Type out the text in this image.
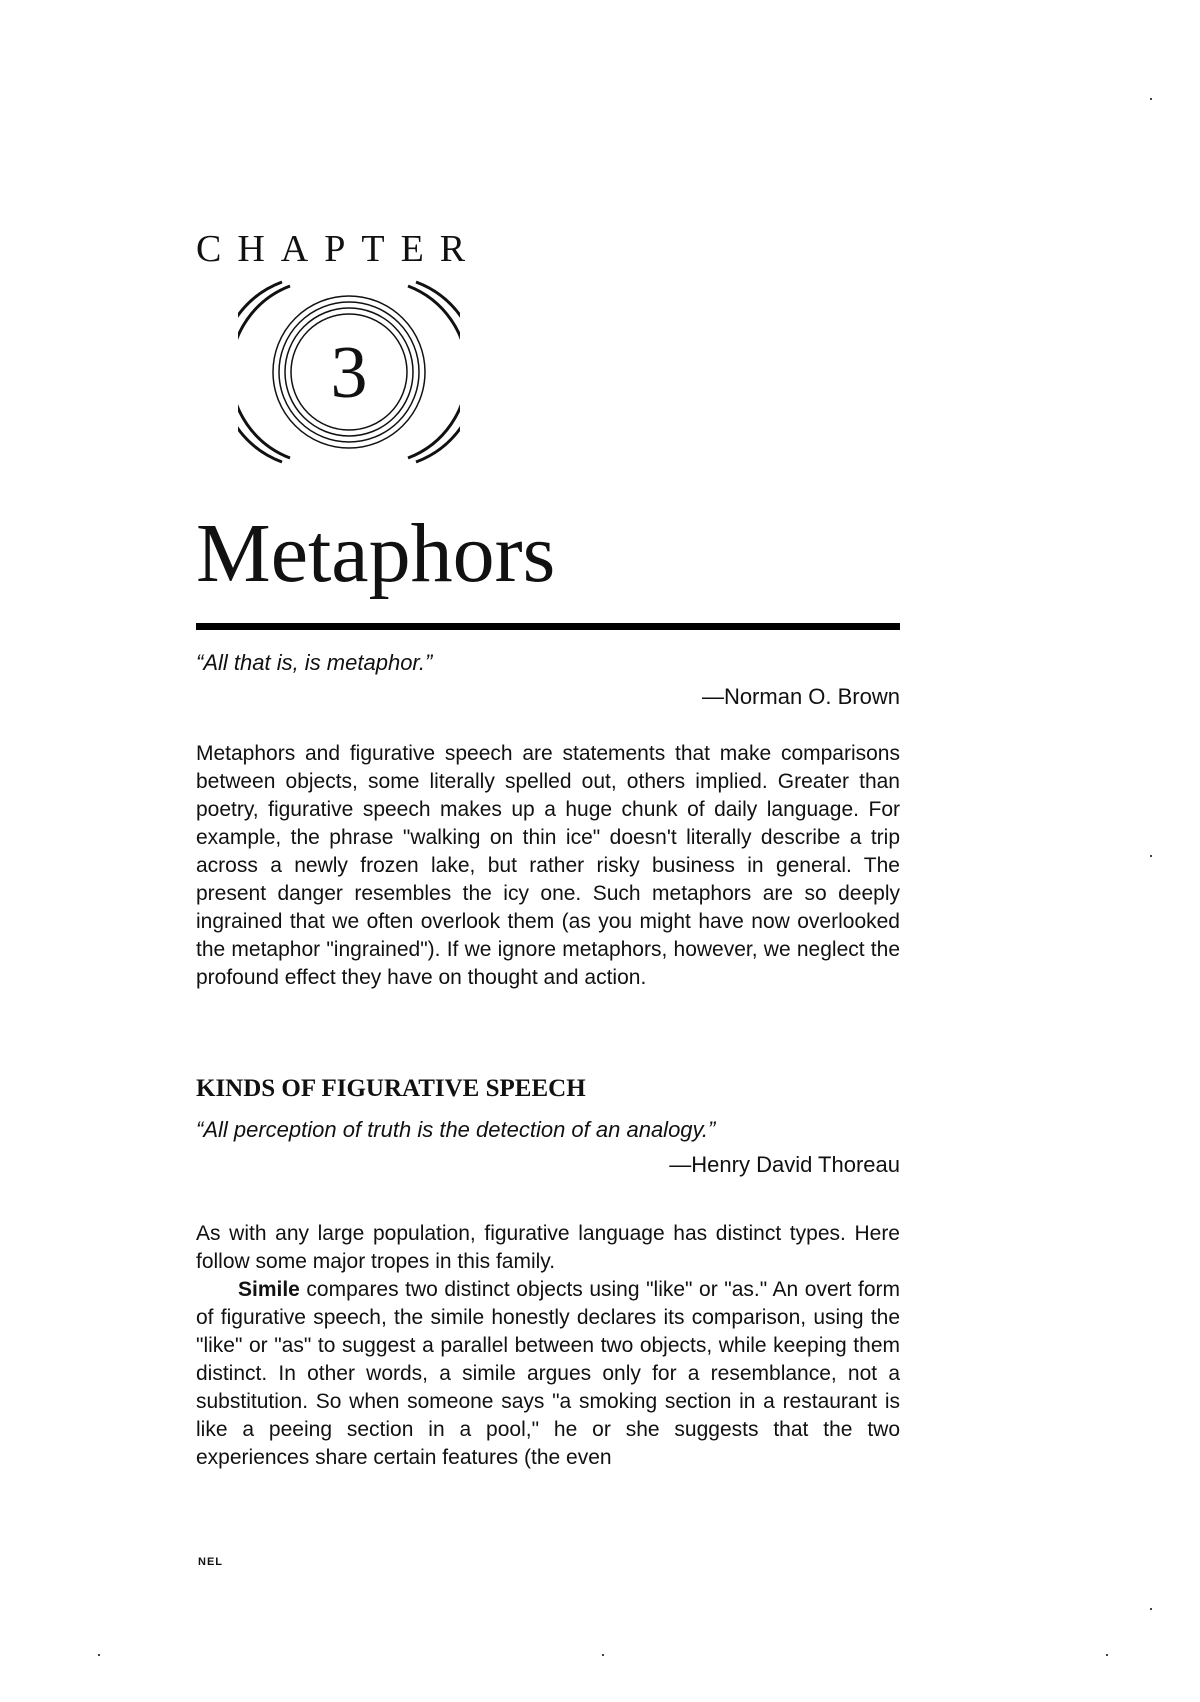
CHAPTER
3
Metaphors

“All that is, is metaphor.”

—Norman O. Brown

Metaphors and figurative speech are statements that make comparisons between objects, some literally spelled out, others implied. Greater than poetry, figurative speech makes up a huge chunk of daily language. For example, the phrase "walking on thin ice" doesn't literally describe a trip across a newly frozen lake, but rather risky business in general. The present danger resembles the icy one. Such metaphors are so deeply ingrained that we often overlook them (as you might have now overlooked the metaphor "ingrained"). If we ignore metaphors, however, we neglect the profound effect they have on thought and action.

KINDS OF FIGURATIVE SPEECH

“All perception of truth is the detection of an analogy.”

—Henry David Thoreau

As with any large population, figurative language has distinct types. Here follow some major tropes in this family.

Simile compares two distinct objects using "like" or "as." An overt form of figurative speech, the simile honestly declares its comparison, using the "like" or "as" to suggest a parallel between two objects, while keeping them distinct. In other words, a simile argues only for a resemblance, not a substitution. So when someone says "a smoking section in a restaurant is like a peeing section in a pool," he or she suggests that the two experiences share certain features (the even

NEL
